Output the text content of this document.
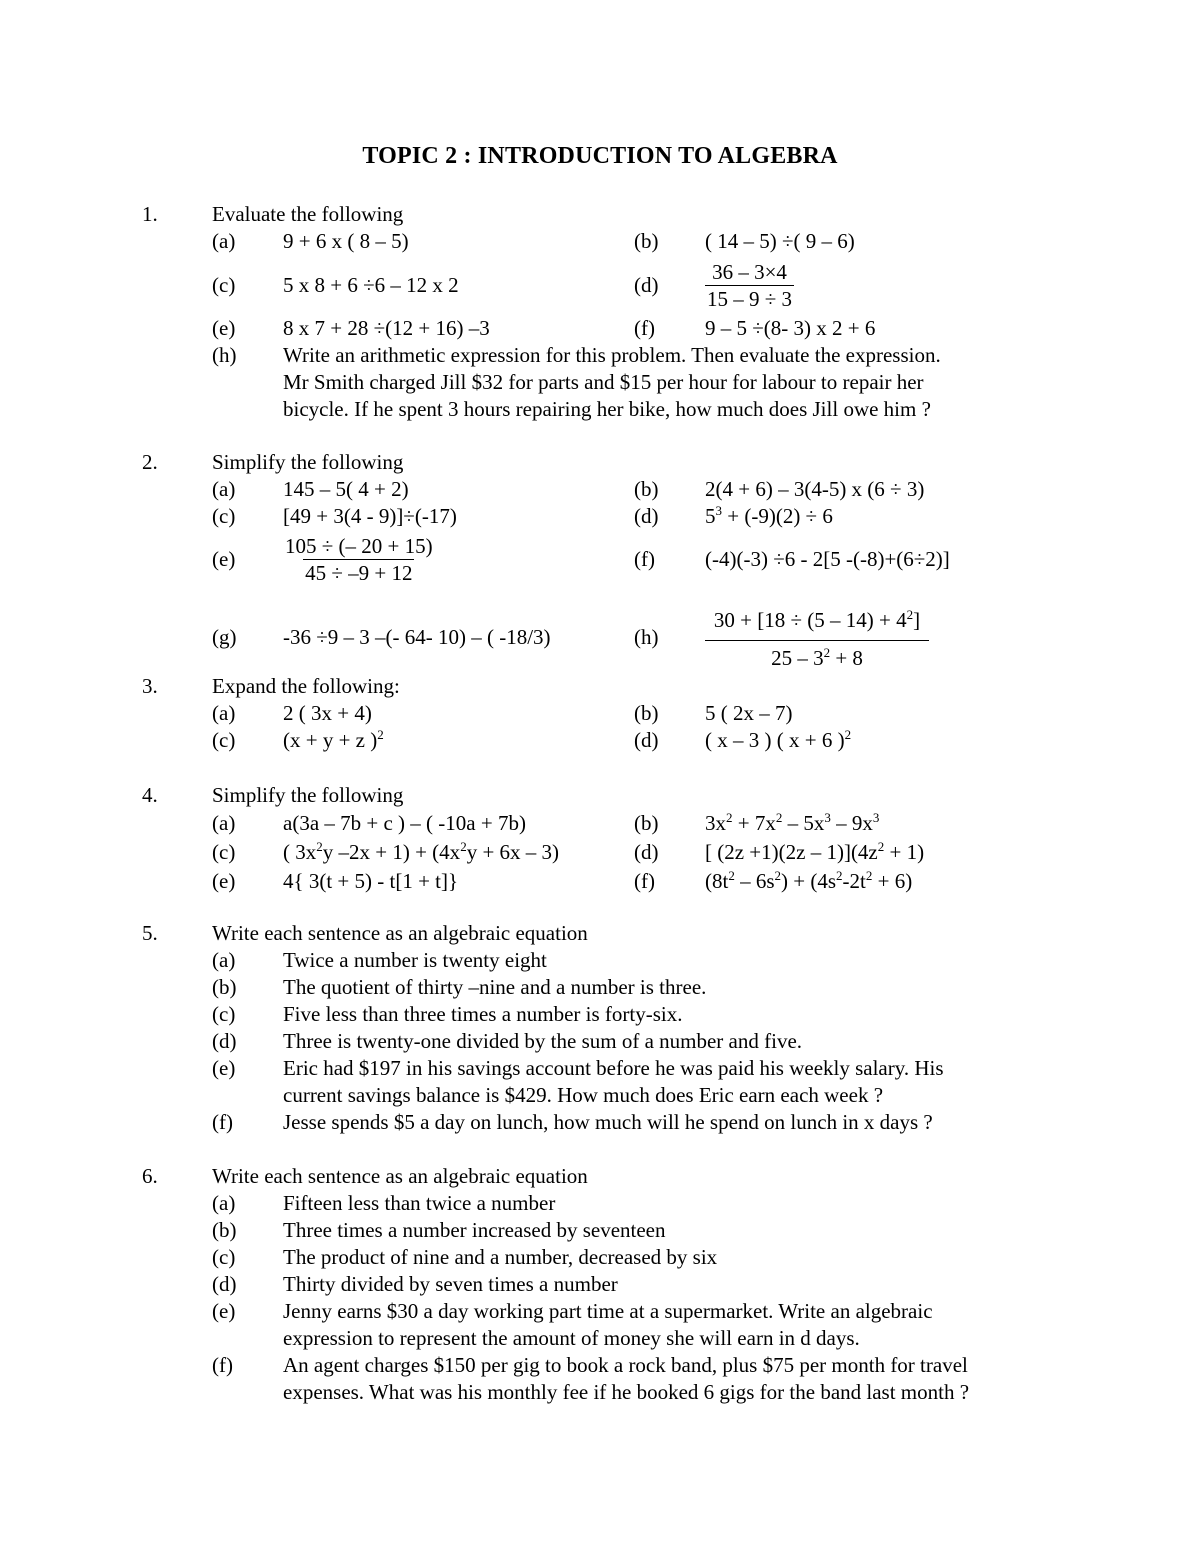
TOPIC 2 : INTRODUCTION TO ALGEBRA
1.	Evaluate the following
(a)	9 + 6 x ( 8 – 5)	(b)	( 14 – 5) ÷( 9 – 6)
(c)	5 x 8 + 6 ÷6 – 12 x 2	(d)	$\frac{36 - 3\times 4}{15 - 9 \div 3}$
(e)	8 x 7 + 28 ÷(12 + 16) –3	(f)	9 – 5 ÷(8- 3) x 2 + 6
(h)	Write an arithmetic expression for this problem. Then evaluate the expression.
Mr Smith charged Jill $32 for parts and $15 per hour for labour to repair her
bicycle. If he spent 3 hours repairing her bike, how much does Jill owe him ?
2.	Simplify the following
(a)	145 – 5( 4 + 2)	(b)	2(4 + 6) – 3(4-5) x (6 ÷ 3)
(c)	[49 + 3(4 - 9)]÷(-17)	(d)	$5^3 + (-9)(2) \div 6$
(e)	$\frac{105 \div (- 20 + 15)}{45 \div -9 + 12}$	(f)	(-4)(-3) ÷6 - 2[5 -(-8)+(6÷2)]
(g)	-36 ÷9 – 3 –(- 64- 10) – ( -18/3)	(h)	$\frac{30 + [18 \div (5 - 14) + 4^2]}{25 - 3^2 + 8}$
3.	Expand the following:
(a)	2 ( 3x + 4)	(b)	5 ( 2x – 7)
(c)	(x + y + z )$^2$	(d)	( x – 3 ) ( x + 6 )$^2$
4.	Simplify the following
(a)	a(3a – 7b + c ) – ( -10a + 7b)	(b)	$3x^2 + 7x^2 - 5x^3 - 9x^3$
(c)	( $3x^2y$ $-2x + 1) + (4x^2y + 6x - 3)$	(d)	[ $(2z +1)(2z - 1)](4z^2 + 1)$
(e)	4{ 3(t + 5) - t[1 + t]}	(f)	$(8t^2 - 6s^2) + (4s^2-2t^2 + 6)$
5.	Write each sentence as an algebraic equation
(a)	Twice a number is twenty eight
(b)	The quotient of thirty –nine and a number is three.
(c)	Five less than three times a number is forty-six.
(d)	Three is twenty-one divided by the sum of a number and five.
(e)	Eric had $197 in his savings account before he was paid his weekly salary. His
current savings balance is $429. How much does Eric earn each week ?
(f)	Jesse spends $5 a day on lunch, how much will he spend on lunch in x days ?
6.	Write each sentence as an algebraic equation
(a)	Fifteen less than twice a number
(b)	Three times a number increased by seventeen
(c)	The product of nine and a number, decreased by six
(d)	Thirty divided by seven times a number
(e)	Jenny earns $30 a day working part time at a supermarket. Write an algebraic
expression to represent the amount of money she will earn in d days.
(f)	An agent charges $150 per gig to book a rock band, plus $75 per month for travel
expenses. What was his monthly fee if he booked 6 gigs for the band last month ?
